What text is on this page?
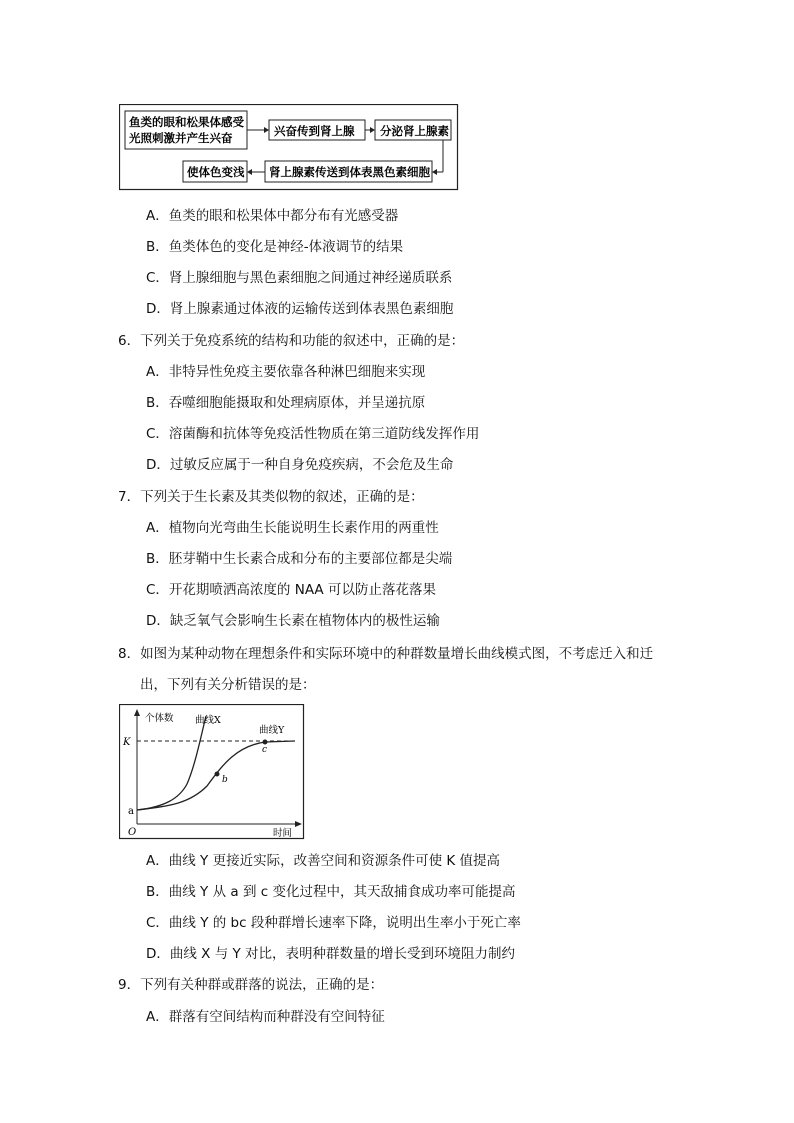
鱼类的眼和松果体感受
光照刺激并产生兴奋	兴奋传到肾上腺 分泌肾上腺素
肾上腺素传送到体表黑色素细胞
使体色变浅
A．鱼类的眼和松果体中都分布有光感受器
B．鱼类体色的变化是神经-体液调节的结果
C．肾上腺细胞与黑色素细胞之间通过神经递质联系
D．肾上腺素通过体液的运输传送到体表黑色素细胞
6．下列关于免疫系统的结构和功能的叙述中，正确的是：
A．非特异性免疫主要依靠各种淋巴细胞来实现
B．吞噬细胞能摄取和处理病原体，并呈递抗原
C．溶菌酶和抗体等免疫活性物质在第三道防线发挥作用
D．过敏反应属于一种自身免疫疾病，不会危及生命
7．下列关于生长素及其类似物的叙述，正确的是：
A．植物向光弯曲生长能说明生长素作用的两重性
B．胚芽鞘中生长素合成和分布的主要部位都是尖端
C．开花期喷洒高浓度的 NAA 可以防止落花落果
D．缺乏氧气会影响生长素在植物体内的极性运输
8．如图为某种动物在理想条件和实际环境中的种群数量增长曲线模式图，不考虑迁入和迁
出，下列有关分析错误的是：
个体数 曲线X
曲线Y
K
a
b
c
O	时间
A．曲线 Y 更接近实际，改善空间和资源条件可使 K 值提高
B．曲线 Y 从 a 到 c 变化过程中，其天敌捕食成功率可能提高
C．曲线 Y 的 bc 段种群增长速率下降，说明出生率小于死亡率
D．曲线 X 与 Y 对比，表明种群数量的增长受到环境阻力制约
9．下列有关种群或群落的说法，正确的是：
A．群落有空间结构而种群没有空间特征
